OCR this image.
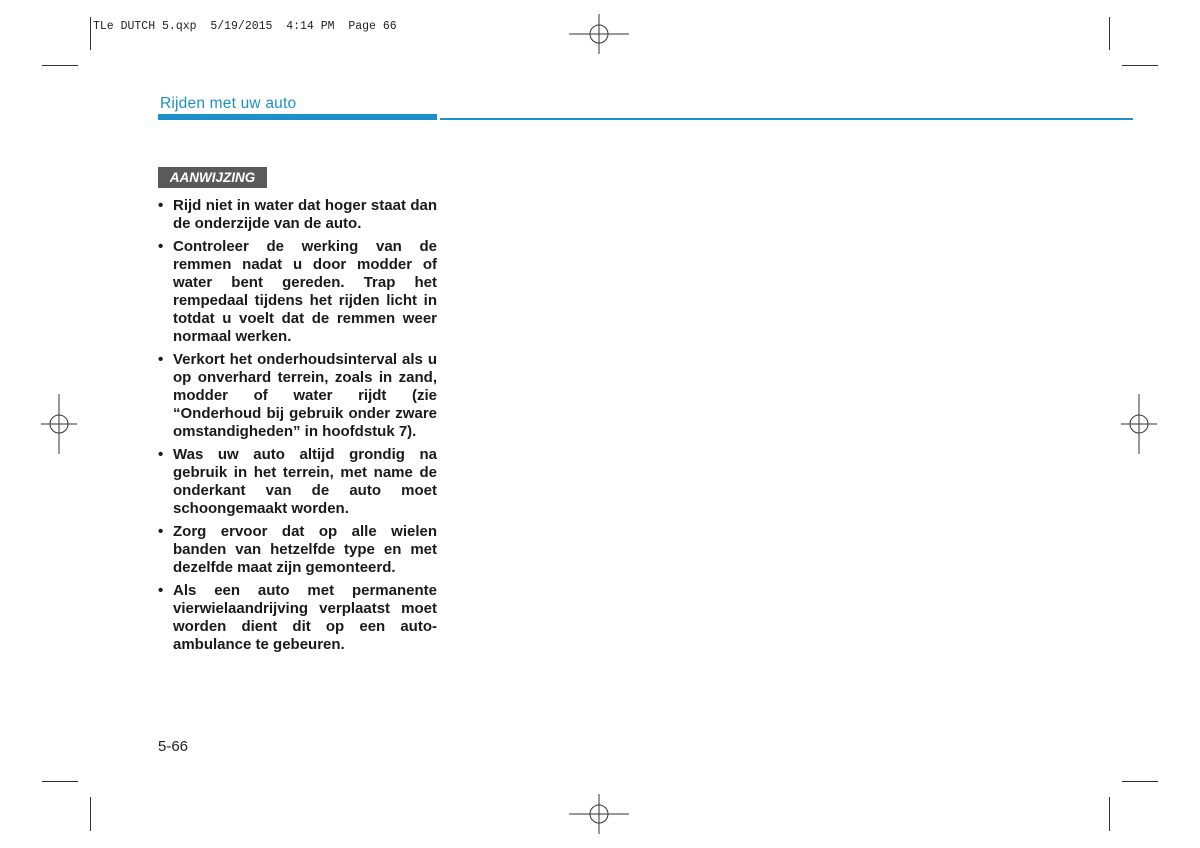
TLe DUTCH 5.qxp  5/19/2015  4:14 PM  Page 66
Rijden met uw auto
AANWIJZING
• Rijd niet in water dat hoger staat dan de onderzijde van de auto.
• Controleer de werking van de remmen nadat u door modder of water bent gereden. Trap het rempedaal tijdens het rijden licht in totdat u voelt dat de remmen weer normaal werken.
• Verkort het onderhoudsinterval als u op onverhard terrein, zoals in zand, modder of water rijdt (zie “Onderhoud bij gebruik onder zware omstandigheden” in hoofdstuk 7).
• Was uw auto altijd grondig na gebruik in het terrein, met name de onderkant van de auto moet schoongemaakt worden.
• Zorg ervoor dat op alle wielen banden van hetzelfde type en met dezelfde maat zijn gemonteerd.
• Als een auto met permanente vierwielaandrijving verplaatst moet worden dient dit op een auto-ambulance te gebeuren.
5-66
